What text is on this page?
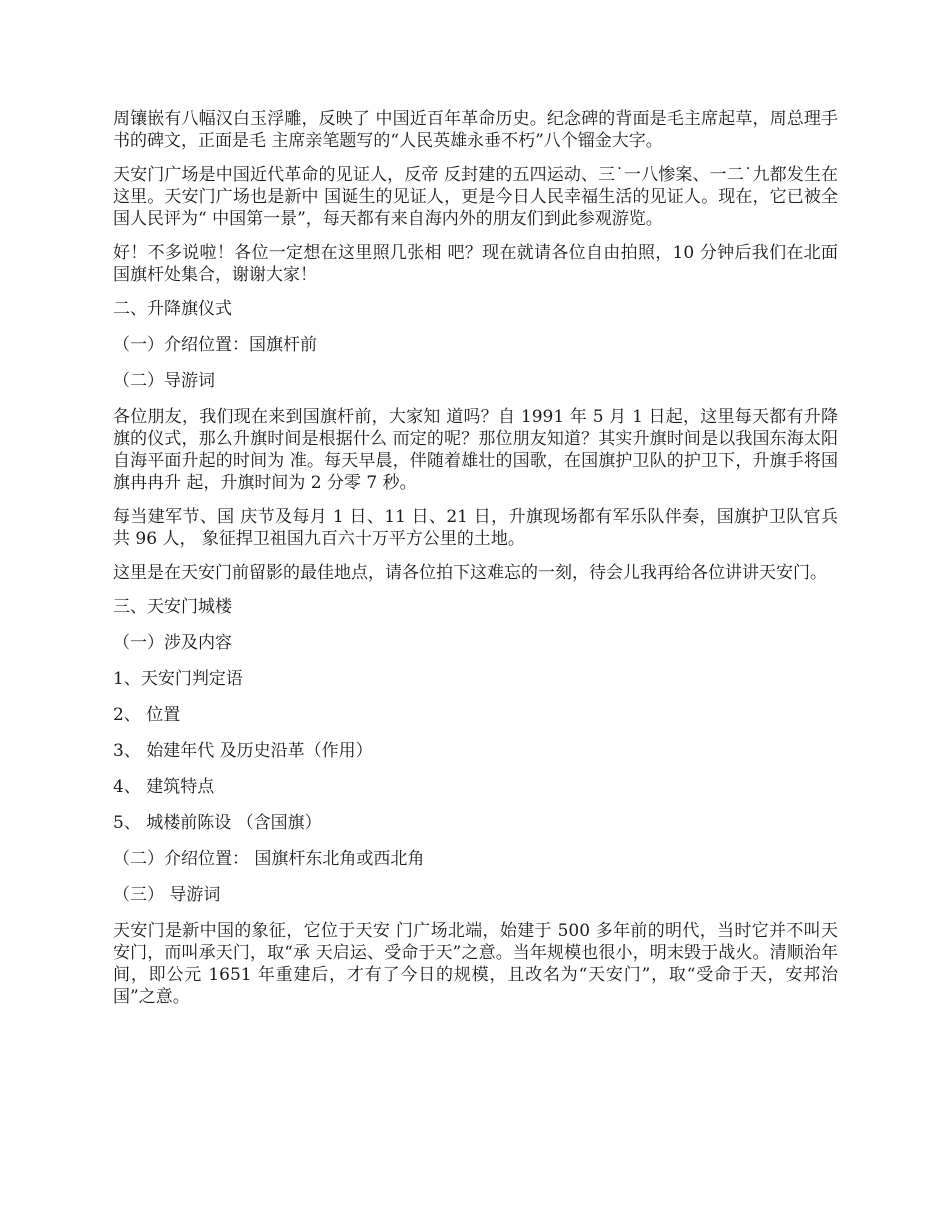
周镶嵌有八幅汉白玉浮雕，反映了 中国近百年革命历史。纪念碑的背面是毛主席起草，周总理手书的碑文，正面是毛 主席亲笔题写的“人民英雄永垂不朽”八个镏金大字。

天安门广场是中国近代革命的见证人，反帝 反封建的五四运动、三˙一八惨案、一二˙九都发生在这里。天安门广场也是新中 国诞生的见证人，更是今日人民幸福生活的见证人。现在，它已被全国人民评为“ 中国第一景”，每天都有来自海内外的朋友们到此参观游览。

好！不多说啦！各位一定想在这里照几张相 吧？现在就请各位自由拍照，10 分钟后我们在北面国旗杆处集合，谢谢大家！

二、升降旗仪式

（一）介绍位置：国旗杆前

（二）导游词

各位朋友，我们现在来到国旗杆前，大家知 道吗？自 1991 年 5 月 1 日起，这里每天都有升降旗的仪式，那么升旗时间是根据什么 而定的呢？那位朋友知道？其实升旗时间是以我国东海太阳自海平面升起的时间为 准。每天早晨，伴随着雄壮的国歌，在国旗护卫队的护卫下，升旗手将国旗冉冉升 起，升旗时间为 2 分零 7 秒。

每当建军节、国 庆节及每月 1 日、11 日、21 日，升旗现场都有军乐队伴奏，国旗护卫队官兵共 96 人， 象征捍卫祖国九百六十万平方公里的土地。

这里是在天安门前留影的最佳地点，请各位拍下这难忘的一刻，待会儿我再给各位讲讲天安门。

三、天安门城楼

（一）涉及内容

1、天安门判定语

2、 位置

3、 始建年代 及历史沿革（作用）

4、 建筑特点

5、 城楼前陈设 （含国旗）

（二）介绍位置： 国旗杆东北角或西北角

（三） 导游词

天安门是新中国的象征，它位于天安 门广场北端，始建于 500 多年前的明代，当时它并不叫天安门，而叫承天门，取“承 天启运、受命于天”之意。当年规模也很小，明末毁于战火。清顺治年间，即公元 1651 年重建后，才有了今日的规模，且改名为“天安门”，取“受命于天，安邦治 国”之意。
